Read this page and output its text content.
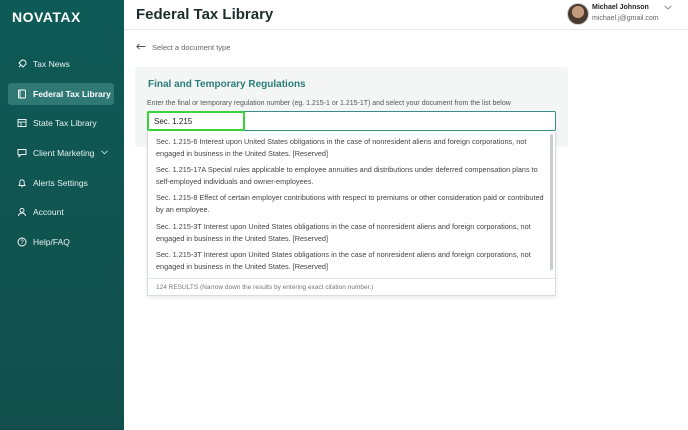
NOVATAX
Tax News
Federal Tax Library
State Tax Library
Client Marketing
Alerts Settings
Account
? Help/FAQ
Federal Tax Library	Michael Johnson
michael.j@gmail.com
Select a document type
Final and Temporary Regulations
Enter the final or temporary regulation number (eg. 1.215-1 or 1.215-1T) and select your document from the list below
Sec. 1.215
Sec. 1.215-6 Interest upon United States obligations in the case of nonresident aliens and foreign corporations, not engaged in business in the United States. [Reserved]
Sec. 1.215-17A Special rules applicable to employee annuities and distributions under deferred compensation plans to self-employed individuals and owner-employees.
Sec. 1.215-8 Effect of certain employer contributions with respect to premiums or other consideration paid or contributed by an employee.
Sec. 1.215-3T Interest upon United States obligations in the case of nonresident aliens and foreign corporations, not engaged in business in the United States. [Reserved]
Sec. 1.215-3T Interest upon United States obligations in the case of nonresident aliens and foreign corporations, not engaged in business in the United States. [Reserved]
124 RESULTS (Narrow down the results by entering exact citation number.)
